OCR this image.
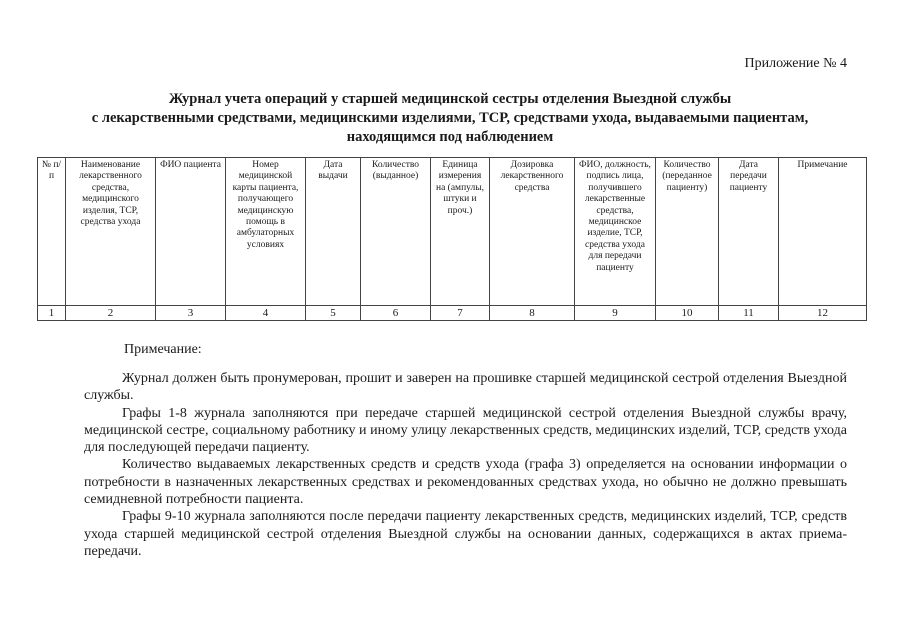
Приложение № 4
Журнал учета операций у старшей медицинской сестры отделения Выездной службы
с лекарственными средствами, медицинскими изделиями, ТСР, средствами ухода, выдаваемыми пациентам,
находящимся под наблюдением
№ п/п	Наименование лекарственного средства, медицинского изделия, ТСР, средства ухода	ФИО пациента	Номер медицинской карты пациента, получающего медицинскую помощь в амбулаторных условиях	Дата выдачи	Количество (выданное)	Единица измерения на (ампулы, штуки и проч.)	Дозировка лекарственного средства	ФИО, должность, подпись лица, получившего лекарственные средства, медицинское изделие, ТСР, средства ухода для передачи пациенту	Количество (переданное пациенту)	Дата передачи пациенту	Примечание
1	2	3	4	5	6	7	8	9	10	11	12
Примечание:

Журнал должен быть пронумерован, прошит и заверен на прошивке старшей медицинской сестрой отделения Выездной службы.

Графы 1-8 журнала заполняются при передаче старшей медицинской сестрой отделения Выездной службы врачу, медицинской сестре, социальному работнику и иному улицу лекарственных средств, медицинских изделий, ТСР, средств ухода для последующей передачи пациенту.

Количество выдаваемых лекарственных средств и средств ухода (графа 3) определяется на основании информации о потребности в назначенных лекарственных средствах и рекомендованных средствах ухода, но обычно не должно превышать семидневной потребности пациента.

Графы 9-10 журнала заполняются после передачи пациенту лекарственных средств, медицинских изделий, ТСР, средств ухода старшей медицинской сестрой отделения Выездной службы на основании данных, содержащихся в актах приема-передачи.
